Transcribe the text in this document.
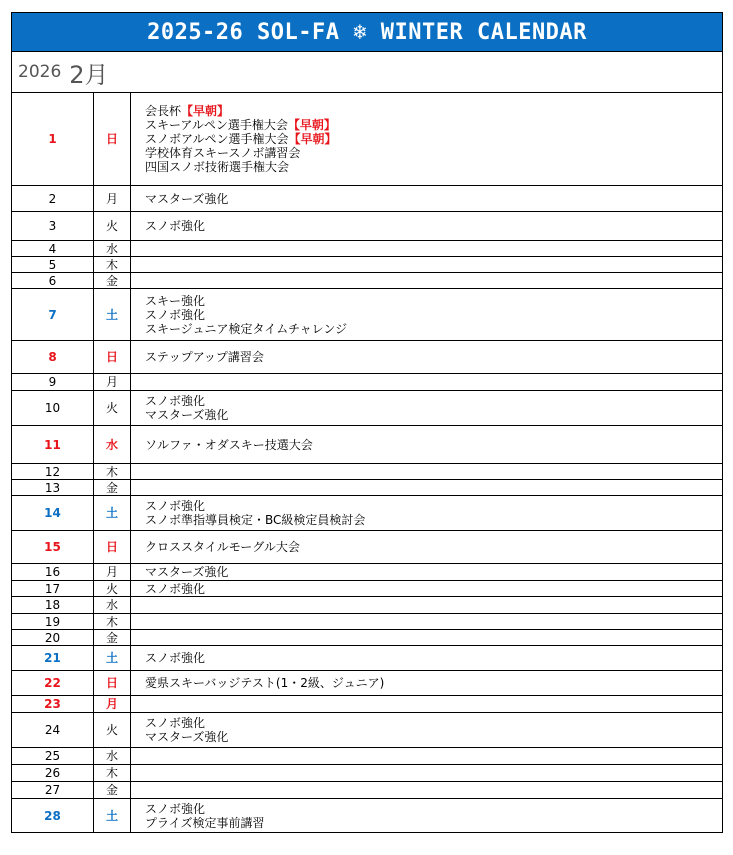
2025-26 SOL-FA ❄ WINTER CALENDAR
2026 2月
1	日	会長杯【早朝】
スキーアルペン選手権大会【早朝】
スノボアルペン選手権大会【早朝】
学校体育スキースノボ講習会
四国スノボ技術選手権大会

2	月	マスターズ強化

3	火	スノボ強化

4	水	
5	木	
6	金	
7	土	スキー強化
スノボ強化
スキージュニア検定タイムチャレンジ

8	日	ステップアップ講習会

9	月	
10	火	スノボ強化
マスターズ強化

11	水	ソルファ・オダスキー技選大会

12	木	
13	金	
14	土	スノボ強化
スノボ準指導員検定・BC級検定員検討会

15	日	クロススタイルモーグル大会

16	月	マスターズ強化

17	火	スノボ強化

18	水	
19	木	
20	金	
21	土	スノボ強化

22	日	愛県スキーバッジテスト(1・2級、ジュニア)

23	月	
24	火	スノボ強化
マスターズ強化

25	水	
26	木	
27	金	
28	土	スノボ強化
プライズ検定事前講習
